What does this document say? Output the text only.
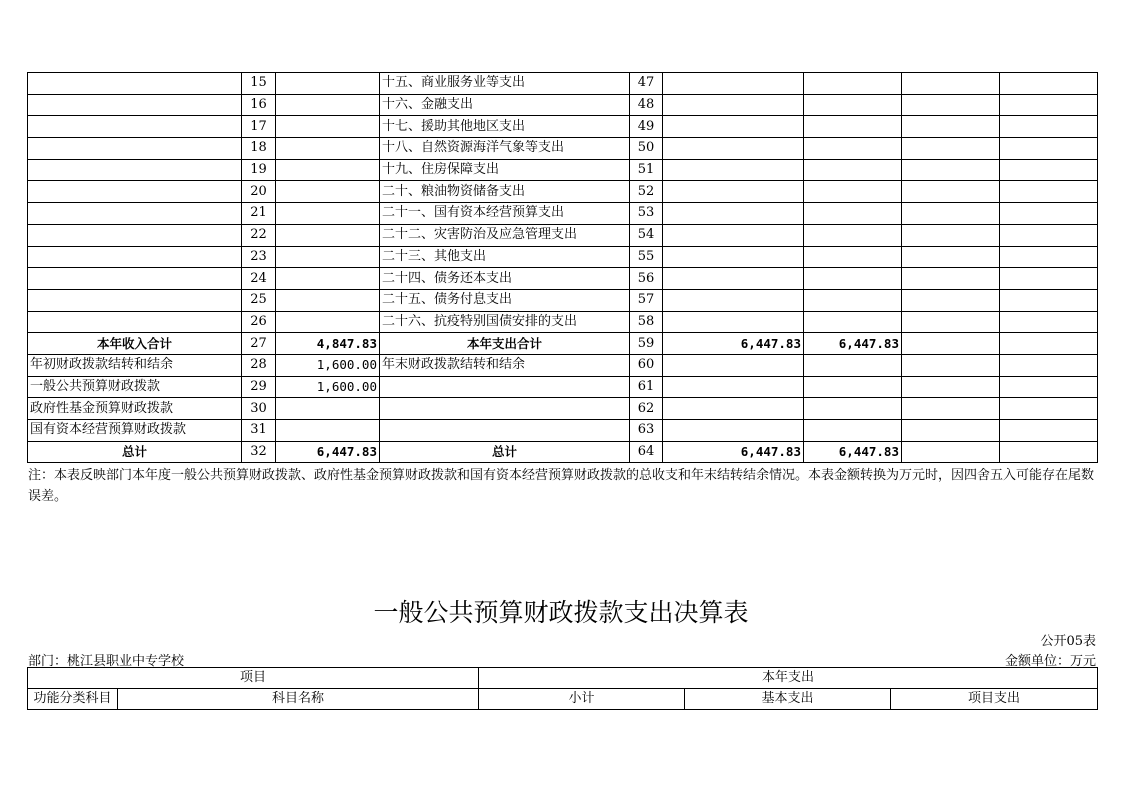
	15		十五、商业服务业等支出	47				
	16		十六、金融支出	48				
	17		十七、援助其他地区支出	49				
	18		十八、自然资源海洋气象等支出	50				
	19		十九、住房保障支出	51				
	20		二十、粮油物资储备支出	52				
	21		二十一、国有资本经营预算支出	53				
	22		二十二、灾害防治及应急管理支出	54				
	23		二十三、其他支出	55				
	24		二十四、债务还本支出	56				
	25		二十五、债务付息支出	57				
	26		二十六、抗疫特别国债安排的支出	58				
本年收入合计	27	4,847.83	本年支出合计	59	6,447.83	6,447.83		
年初财政拨款结转和结余	28	1,600.00	年末财政拨款结转和结余	60				
一般公共预算财政拨款	29	1,600.00		61				
政府性基金预算财政拨款	30			62				
国有资本经营预算财政拨款	31			63				
总计	32	6,447.83	总计	64	6,447.83	6,447.83		
注：本表反映部门本年度一般公共预算财政拨款、政府性基金预算财政拨款和国有资本经营预算财政拨款的总收支和年末结转结余情况。本表金额转换为万元时，因四舍五入可能存在尾数误差。
一般公共预算财政拨款支出决算表
公开05表
部门：桃江县职业中专学校	金额单位：万元
项目		本年支出		
功能分类科目	科目名称	小计	基本支出	项目支出
